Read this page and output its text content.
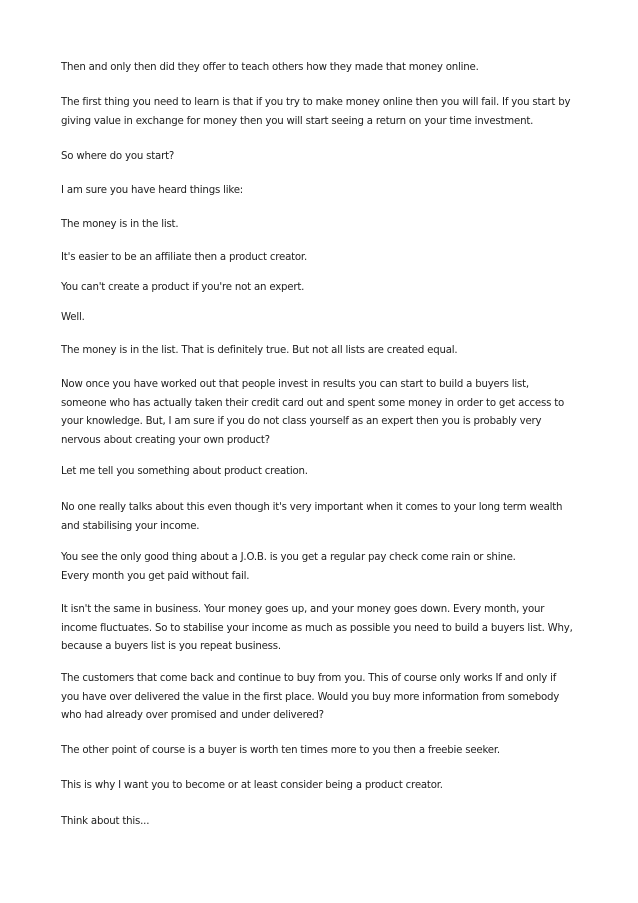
Then and only then did they offer to teach others how they made that money online.

The first thing you need to learn is that if you try to make money online then you will fail. If you start by
giving value in exchange for money then you will start seeing a return on your time investment.

So where do you start?

I am sure you have heard things like:

The money is in the list.

It's easier to be an affiliate then a product creator.

You can't create a product if you're not an expert.

Well.

The money is in the list. That is definitely true. But not all lists are created equal.

Now once you have worked out that people invest in results you can start to build a buyers list,
someone who has actually taken their credit card out and spent some money in order to get access to
your knowledge. But, I am sure if you do not class yourself as an expert then you is probably very
nervous about creating your own product?

Let me tell you something about product creation.

No one really talks about this even though it's very important when it comes to your long term wealth
and stabilising your income.

You see the only good thing about a J.O.B. is you get a regular pay check come rain or shine.
Every month you get paid without fail.

It isn't the same in business. Your money goes up, and your money goes down. Every month, your
income fluctuates. So to stabilise your income as much as possible you need to build a buyers list. Why,
because a buyers list is you repeat business.

The customers that come back and continue to buy from you. This of course only works If and only if
you have over delivered the value in the first place. Would you buy more information from somebody
who had already over promised and under delivered?

The other point of course is a buyer is worth ten times more to you then a freebie seeker.

This is why I want you to become or at least consider being a product creator.

Think about this...
